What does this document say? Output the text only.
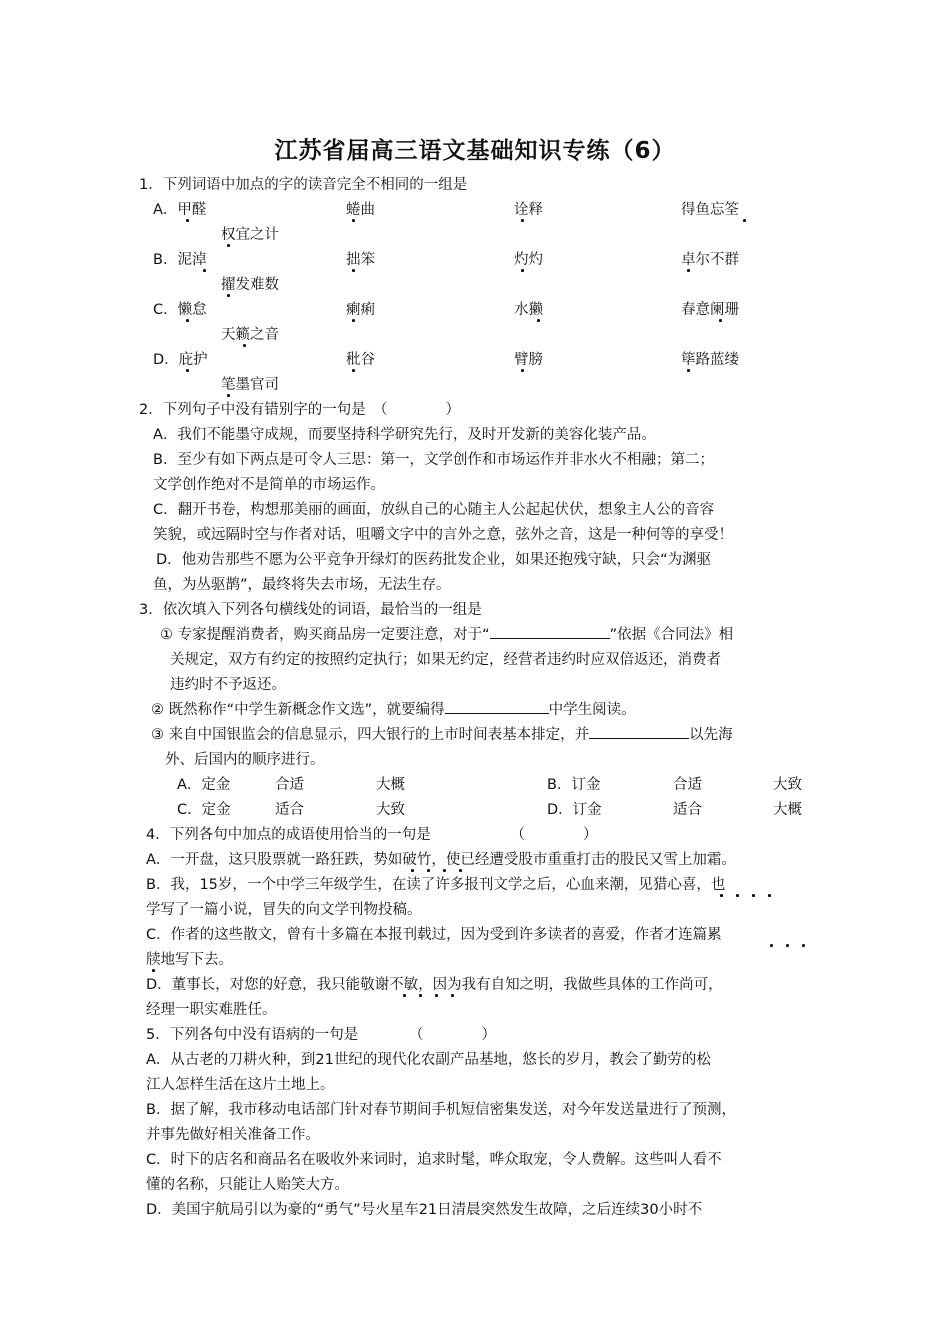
江苏省届高三语文基础知识专练（6）
1．下列词语中加点的字的读音完全不相同的一组是
A．甲醛	蜷曲	诠释	得鱼忘筌
权宜之计
B．泥淖	拙笨	灼灼	卓尔不群
擢发难数
C．懒怠	瘌痢	水獭	春意阑珊
天籁之音
D．庇护	秕谷	臂膀	筚路蓝缕
笔墨官司
2．下列句子中没有错别字的一句是　（　　　　）
A．我们不能墨守成规，而要坚持科学研究先行，及时开发新的美容化装产品。
B．至少有如下两点是可令人三思：第一，文学创作和市场运作并非水火不相融；第二；
文学创作绝对不是简单的市场运作。
C．翻开书卷，构想那美丽的画面，放纵自己的心随主人公起起伏伏，想象主人公的音容
笑貌，或远隔时空与作者对话，咀嚼文字中的言外之意，弦外之音，这是一种何等的享受！
D．他劝告那些不愿为公平竞争开绿灯的医药批发企业，如果还抱残守缺，只会“为渊驱
鱼，为丛驱鹊”，最终将失去市场，无法生存。
3．依次填入下列各句横线处的词语，最恰当的一组是
① 专家提醒消费者，购买商品房一定要注意，对于“	”依据《合同法》相
关规定，双方有约定的按照约定执行；如果无约定，经营者违约时应双倍返还，消费者
违约时不予返还。
② 既然称作“中学生新概念作文选”，就要编得	中学生阅读。
③ 来自中国银监会的信息显示，四大银行的上市时间表基本排定，并	以先海
外、后国内的顺序进行。
A．定金	合适	大概	B．订金	合适	大致
C．定金	适合	大致	D．订金	适合	大概
4．下列各句中加点的成语使用恰当的一句是　　　　　　（　　　　）
A．一开盘，这只股票就一路狂跌，势如破竹，使已经遭受股市重重打击的股民又雪上加霜。
B．我，15岁，一个中学三年级学生，在读了许多报刊文学之后，心血来潮，见猎心喜，也
学写了一篇小说，冒失的向文学刊物投稿。
C．作者的这些散文，曾有十多篇在本报刊载过，因为受到许多读者的喜爱，作者才连篇累
牍地写下去。
D．董事长，对您的好意，我只能敬谢不敏，因为我有自知之明，我做些具体的工作尚可，
经理一职实难胜任。
5．下列各句中没有语病的一句是　　　　（　　　　）
A．从古老的刀耕火种，到21世纪的现代化农副产品基地，悠长的岁月，教会了勤劳的松
江人怎样生活在这片土地上。
B．据了解，我市移动电话部门针对春节期间手机短信密集发送，对今年发送量进行了预测，
并事先做好相关准备工作。
C．时下的店名和商品名在吸收外来词时，追求时髦，哗众取宠，令人费解。这些叫人看不
懂的名称，只能让人贻笑大方。
D．美国宇航局引以为豪的“勇气”号火星车21日清晨突然发生故障，之后连续30小时不
